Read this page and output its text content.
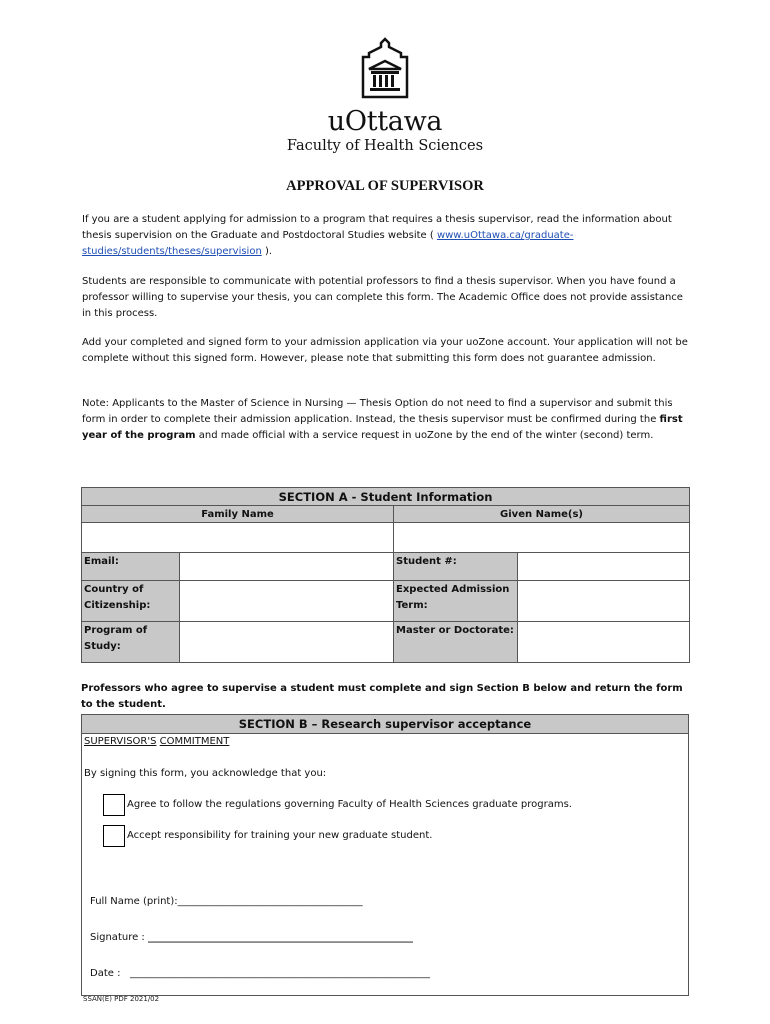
uOttawa
Faculty of Health Sciences
APPROVAL OF SUPERVISOR

If you are a student applying for admission to a program that requires a thesis supervisor, read the information about thesis supervision on the Graduate and Postdoctoral Studies website ( www.uOttawa.ca/graduate-studies/students/theses/supervision ).

Students are responsible to communicate with potential professors to find a thesis supervisor. When you have found a professor willing to supervise your thesis, you can complete this form. The Academic Office does not provide assistance in this process.

Add your completed and signed form to your admission application via your uoZone account. Your application will not be complete without this signed form. However, please note that submitting this form does not guarantee admission.

Note: Applicants to the Master of Science in Nursing — Thesis Option do not need to find a supervisor and submit this form in order to complete their admission application. Instead, the thesis supervisor must be confirmed during the first year of the program and made official with a service request in uoZone by the end of the winter (second) term.

SECTION A - Student Information			
Family Name		Given Name(s)	

Email:		Student #:	
Country of Citizenship:		Expected Admission Term:	
Program of Study:		Master or Doctorate:	
Professors who agree to supervise a student must complete and sign Section B below and return the form to the student.
SECTION B – Research supervisor acceptance
SUPERVISOR'S COMMITMENT
By signing this form, you acknowledge that you:
Agree to follow the regulations governing Faculty of Health Sciences graduate programs.
Accept responsibility for training your new graduate student.
Full Name (print):_____________________________________
Signature : _____________________________________________________
Date : ____________________________________________________________
SSAN(E) PDF 2021/02
